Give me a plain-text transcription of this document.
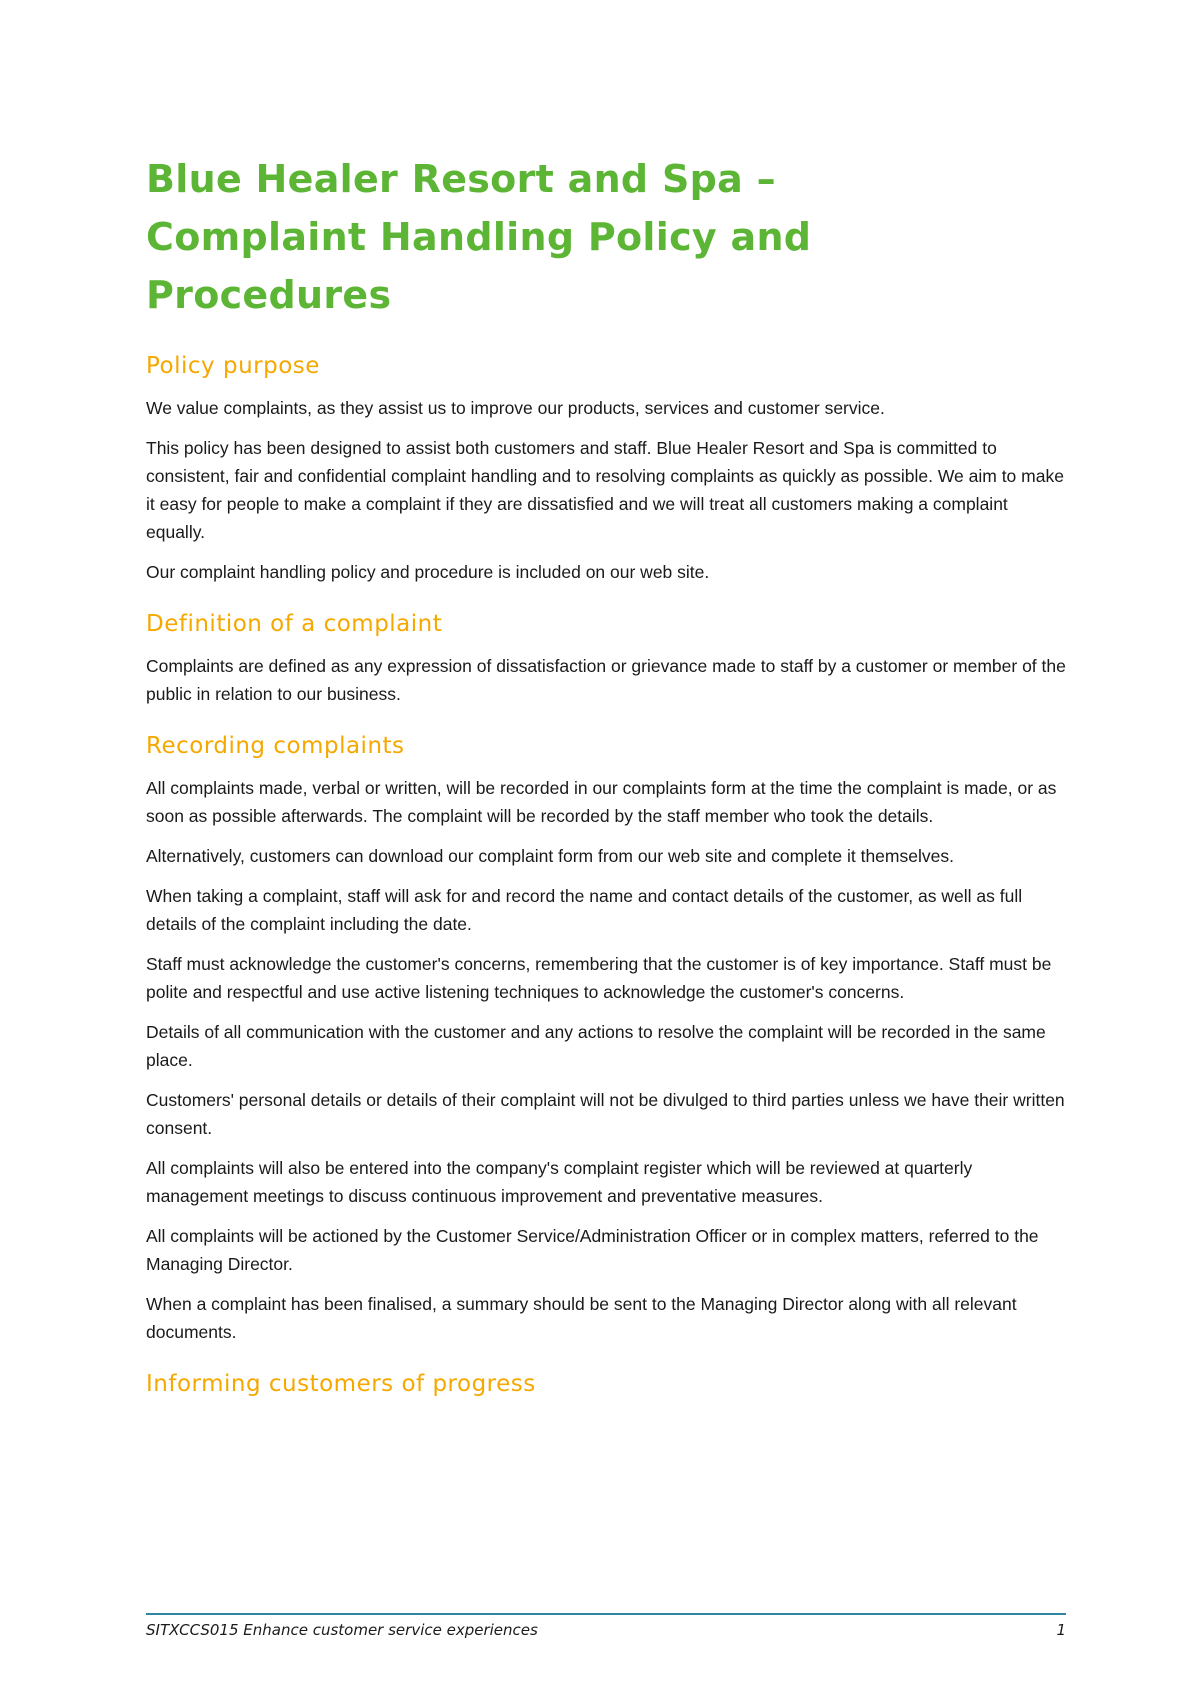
Blue Healer Resort and Spa –
Complaint Handling Policy and
Procedures
Policy purpose

We value complaints, as they assist us to improve our products, services and customer service.

This policy has been designed to assist both customers and staff. Blue Healer Resort and Spa is committed to consistent, fair and confidential complaint handling and to resolving complaints as quickly as possible. We aim to make it easy for people to make a complaint if they are dissatisfied and we will treat all customers making a complaint equally.

Our complaint handling policy and procedure is included on our web site.

Definition of a complaint

Complaints are defined as any expression of dissatisfaction or grievance made to staff by a customer or member of the public in relation to our business.

Recording complaints

All complaints made, verbal or written, will be recorded in our complaints form at the time the complaint is made, or as soon as possible afterwards. The complaint will be recorded by the staff member who took the details.

Alternatively, customers can download our complaint form from our web site and complete it themselves.

When taking a complaint, staff will ask for and record the name and contact details of the customer, as well as full details of the complaint including the date.

Staff must acknowledge the customer's concerns, remembering that the customer is of key importance. Staff must be polite and respectful and use active listening techniques to acknowledge the customer's concerns.

Details of all communication with the customer and any actions to resolve the complaint will be recorded in the same place.

Customers' personal details or details of their complaint will not be divulged to third parties unless we have their written consent.

All complaints will also be entered into the company's complaint register which will be reviewed at quarterly management meetings to discuss continuous improvement and preventative measures.

All complaints will be actioned by the Customer Service/Administration Officer or in complex matters, referred to the Managing Director.

When a complaint has been finalised, a summary should be sent to the Managing Director along with all relevant documents.

Informing customers of progress
SITXCCS015 Enhance customer service experiences	1
